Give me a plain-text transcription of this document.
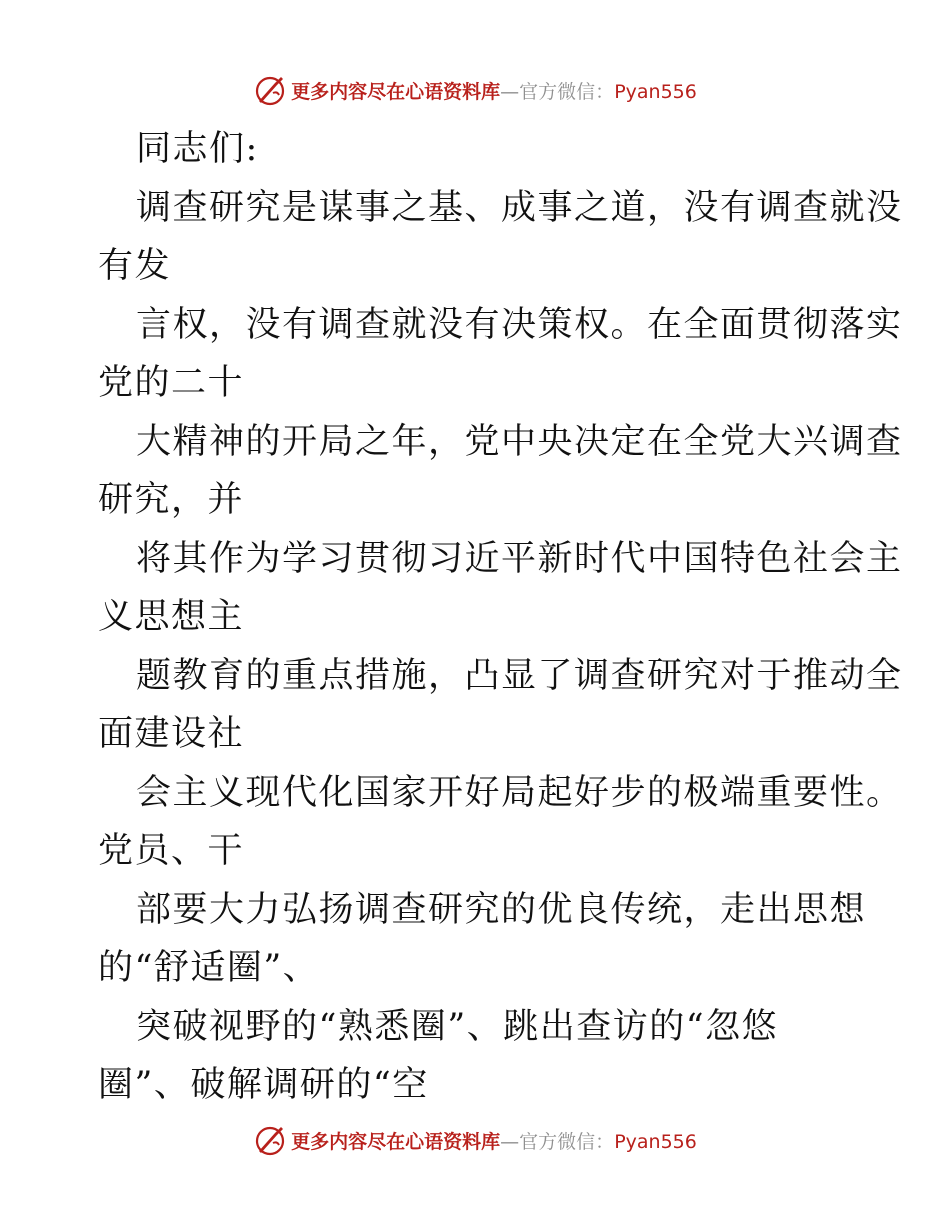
更多内容尽在心语资料库—官方微信：Pyan556
同志们:
调查研究是谋事之基、成事之道，没有调查就没
有发
言权，没有调查就没有决策权。在全面贯彻落实
党的二十
大精神的开局之年，党中央决定在全党大兴调查
研究，并
将其作为学习贯彻习近平新时代中国特色社会主
义思想主
题教育的重点措施，凸显了调查研究对于推动全
面建设社
会主义现代化国家开好局起好步的极端重要性。
党员、干
部要大力弘扬调查研究的优良传统，走出思想
的“舒适圈”、
突破视野的“熟悉圈”、跳出查访的“忽悠
圈”、破解调研的“空
更多内容尽在心语资料库—官方微信：Pyan556
